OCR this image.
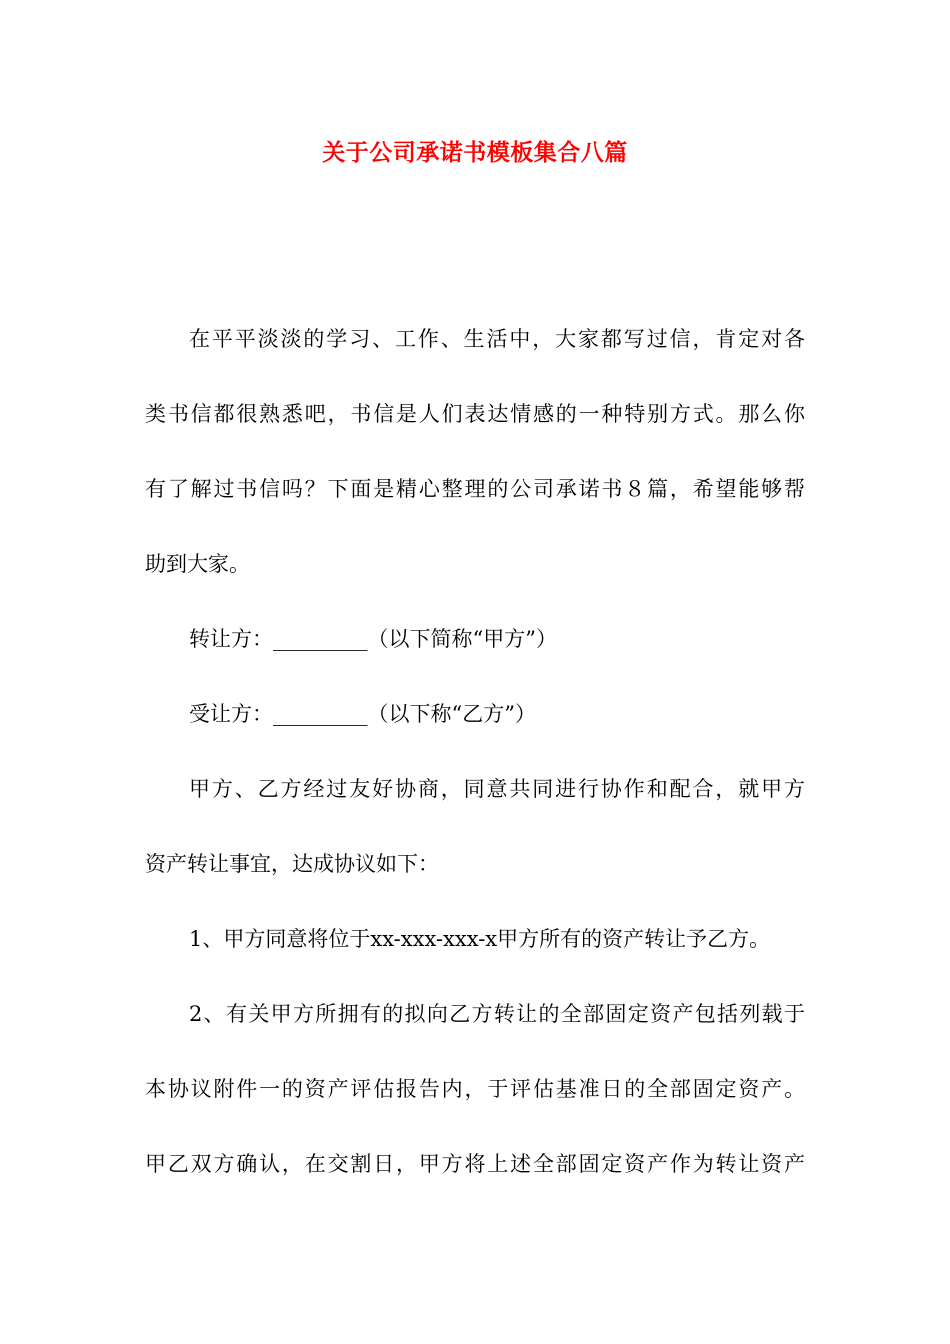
关于公司承诺书模板集合八篇
在平平淡淡的学习、工作、生活中，大家都写过信，肯定对各
类书信都很熟悉吧，书信是人们表达情感的一种特别方式。那么你
有了解过书信吗？下面是精心整理的公司承诺书８篇，希望能够帮
助到大家。
转让方：_________（以下简称“甲方”）
受让方：_________（以下称“乙方”）
甲方、乙方经过友好协商，同意共同进行协作和配合，就甲方
资产转让事宜，达成协议如下：
1、甲方同意将位于xx-xxx-xxx-x甲方所有的资产转让予乙方。
2、有关甲方所拥有的拟向乙方转让的全部固定资产包括列载于
本协议附件一的资产评估报告内，于评估基准日的全部固定资产。
甲乙双方确认，在交割日，甲方将上述全部固定资产作为转让资产
